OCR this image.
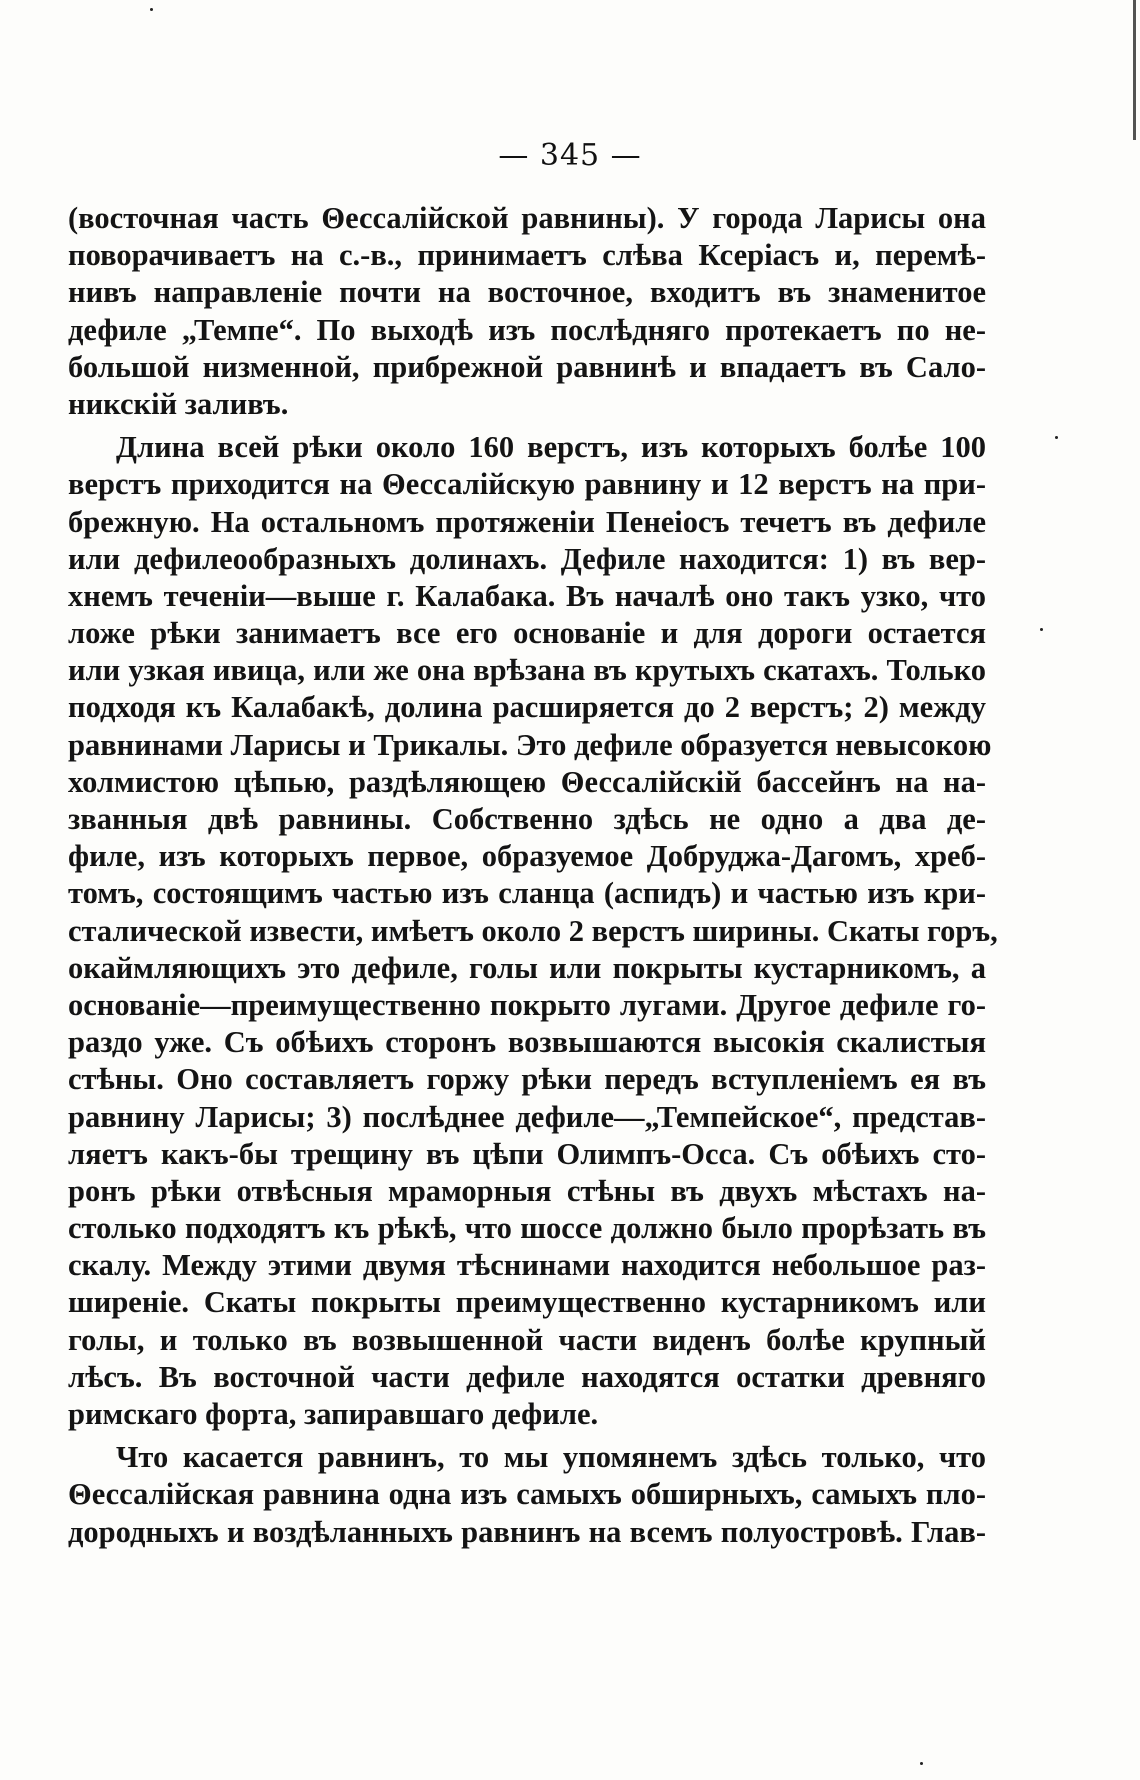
— 345 —
(восточная часть Θессалійской равнины). У города Ларисы она
поворачиваетъ на с.-в., принимаетъ слѣва Ксеріасъ и, перемѣ-
нивъ направленіе почти на восточное, входитъ въ знаменитое
дефиле „Темпе“. По выходѣ изъ послѣдняго протекаетъ по не-
большой низменной, прибрежной равнинѣ и впадаетъ въ Сало-
никскій заливъ.
Длина всей рѣки около 160 верстъ, изъ которыхъ болѣе 100
верстъ приходится на Θессалійскую равнину и 12 верстъ на при-
брежную. На остальномъ протяженіи Пенеіосъ течетъ въ дефиле
или дефилеообразныхъ долинахъ. Дефиле находится: 1) въ вер-
хнемъ теченіи—выше г. Калабака. Въ началѣ оно такъ узко, что
ложе рѣки занимаетъ все его основаніе и для дороги остается
или узкая ивица, или же она врѣзана въ крутыхъ скатахъ. Только
подходя къ Калабакѣ, долина расширяется до 2 верстъ; 2) между
равнинами Ларисы и Трикалы. Это дефиле образуется невысокою
холмистою цѣпью, раздѣляющею Θессалійскій бассейнъ на на-
званныя двѣ равнины. Собственно здѣсь не одно а два де-
филе, изъ которыхъ первое, образуемое Добруджа-Дагомъ, хреб-
томъ, состоящимъ частью изъ сланца (аспидъ) и частью изъ кри-
сталической извести, имѣетъ около 2 верстъ ширины. Скаты горъ,
окаймляющихъ это дефиле, голы или покрыты кустарникомъ, а
основаніе—преимущественно покрыто лугами. Другое дефиле го-
раздо уже. Съ обѣихъ сторонъ возвышаются высокія скалистыя
стѣны. Оно составляетъ горжу рѣки передъ вступленіемъ ея въ
равнину Ларисы; 3) послѣднее дефиле—„Темпейское“, представ-
ляетъ какъ-бы трещину въ цѣпи Олимпъ-Осса. Съ обѣихъ сто-
ронъ рѣки отвѣсныя мраморныя стѣны въ двухъ мѣстахъ на-
столько подходятъ къ рѣкѣ, что шоссе должно было прорѣзать въ
скалу. Между этими двумя тѣснинами находится небольшое раз-
ширеніе. Скаты покрыты преимущественно кустарникомъ или
голы, и только въ возвышенной части виденъ болѣе крупный
лѣсъ. Въ восточной части дефиле находятся остатки древняго
римскаго форта, запиравшаго дефиле.
Что касается равнинъ, то мы упомянемъ здѣсь только, что
Θессалійская равнина одна изъ самыхъ обширныхъ, самыхъ пло-
дородныхъ и воздѣланныхъ равнинъ на всемъ полуостровѣ. Глав-
